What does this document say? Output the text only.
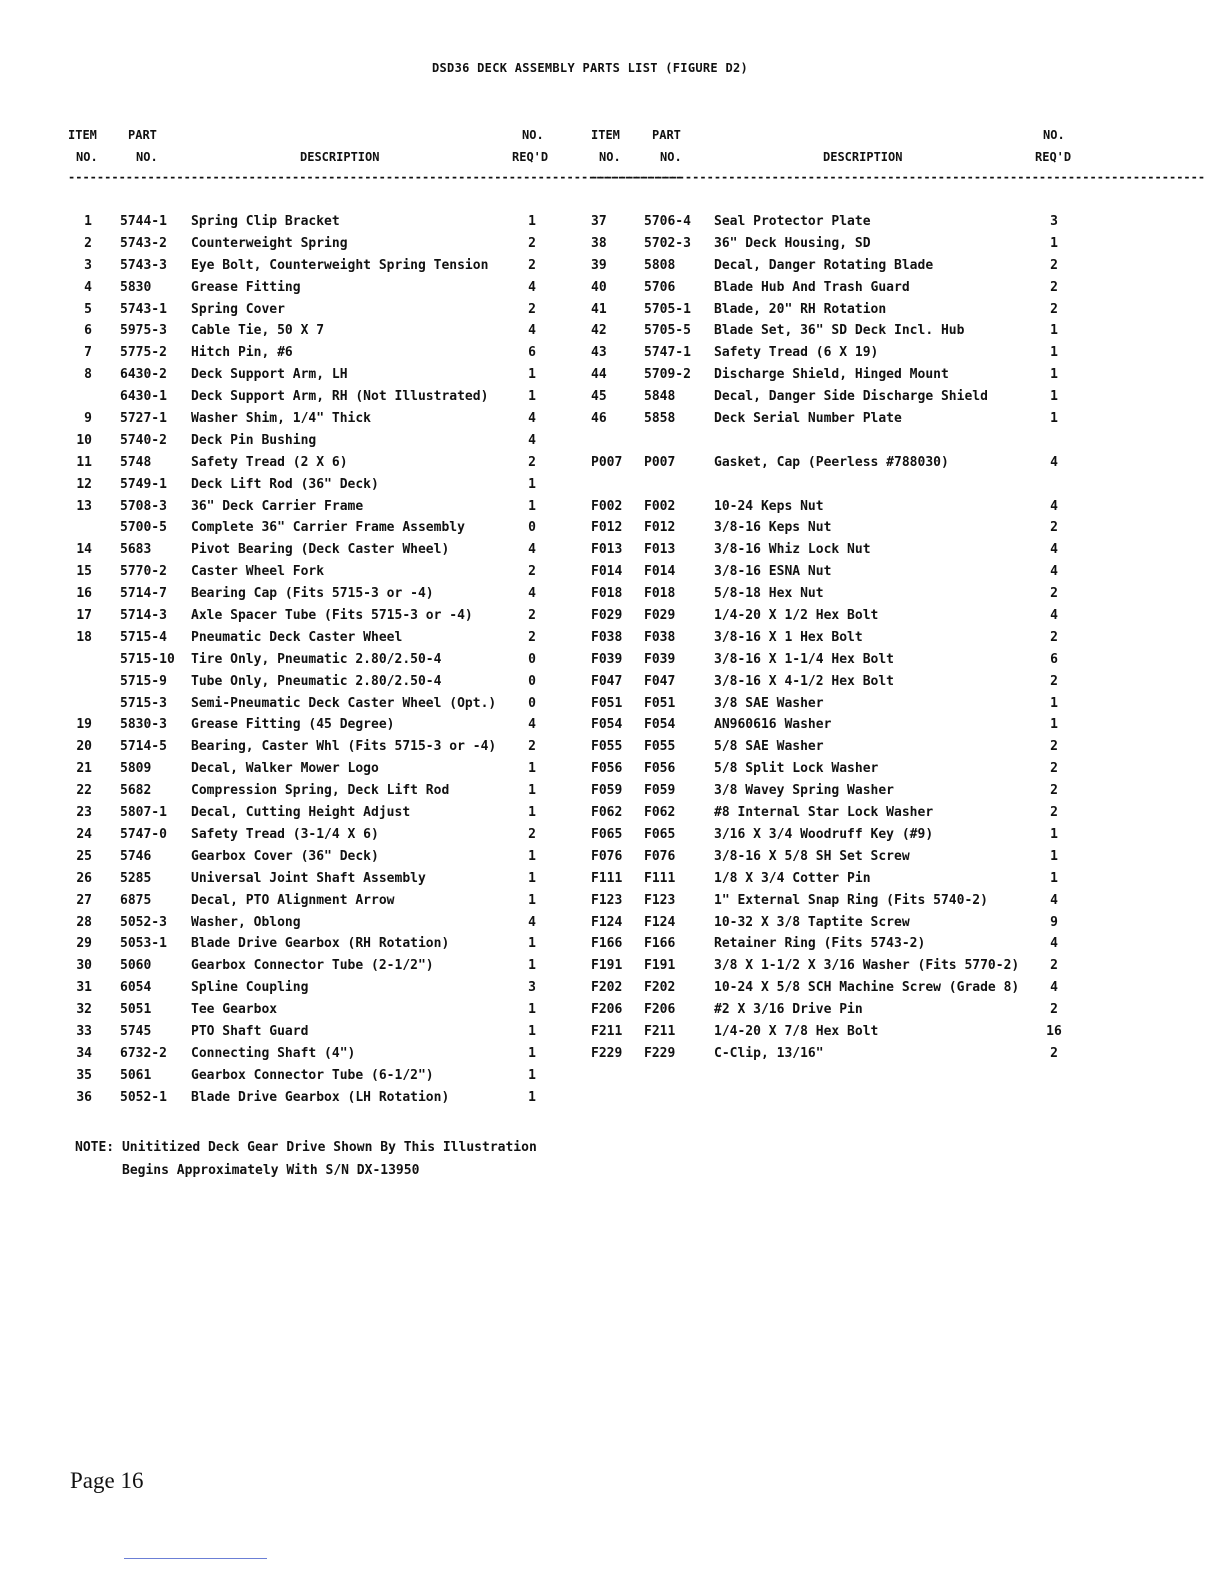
DSD36 DECK ASSEMBLY PARTS LIST (FIGURE D2)
ITEM
NO.
PART
NO.	DESCRIPTION
NO.
REQ'D
-------------------------------------------------------------------------------------
ITEM
NO.
PART
NO.	DESCRIPTION
NO.
REQ'D
-------------------------------------------------------------------------------------
1 5744-1 Spring Clip Bracket	1
2 5743-2 Counterweight Spring	2
3 5743-3 Eye Bolt, Counterweight Spring Tension	2
4 5830	Grease Fitting	4
5 5743-1 Spring Cover	2
6 5975-3 Cable Tie, 50 X 7	4
7 5775-2 Hitch Pin, #6	6
8 6430-2 Deck Support Arm, LH	1
6430-1 Deck Support Arm, RH (Not Illustrated)	1
9 5727-1 Washer Shim, 1/4" Thick	4
10 5740-2 Deck Pin Bushing	4
11 5748	Safety Tread (2 X 6)	2
12 5749-1 Deck Lift Rod (36" Deck)	1
13 5708-3 36" Deck Carrier Frame	1
5700-5 Complete 36" Carrier Frame Assembly	0
14 5683	Pivot Bearing (Deck Caster Wheel)	4
15 5770-2 Caster Wheel Fork	2
16 5714-7 Bearing Cap (Fits 5715-3 or -4)	4
17 5714-3 Axle Spacer Tube (Fits 5715-3 or -4)	2
18 5715-4 Pneumatic Deck Caster Wheel	2
5715-10 Tire Only, Pneumatic 2.80/2.50-4	0
5715-9 Tube Only, Pneumatic 2.80/2.50-4	0
5715-3 Semi-Pneumatic Deck Caster Wheel (Opt.)	0
19 5830-3 Grease Fitting (45 Degree)	4
20 5714-5 Bearing, Caster Whl (Fits 5715-3 or -4)	2
21 5809	Decal, Walker Mower Logo	1
22 5682	Compression Spring, Deck Lift Rod	1
23 5807-1 Decal, Cutting Height Adjust	1
24 5747-0 Safety Tread (3-1/4 X 6)	2
25 5746	Gearbox Cover (36" Deck)	1
26 5285	Universal Joint Shaft Assembly	1
27 6875	Decal, PTO Alignment Arrow	1
28 5052-3 Washer, Oblong	4
29 5053-1 Blade Drive Gearbox (RH Rotation)	1
30 5060	Gearbox Connector Tube (2-1/2")	1
31 6054	Spline Coupling	3
32 5051	Tee Gearbox	1
33 5745	PTO Shaft Guard	1
34 6732-2 Connecting Shaft (4")	1
35 5061	Gearbox Connector Tube (6-1/2")	1
36 5052-1 Blade Drive Gearbox (LH Rotation)	1
37	5706-4 Seal Protector Plate	3
38	5702-3 36" Deck Housing, SD	1
39	5808	Decal, Danger Rotating Blade	2
40	5706	Blade Hub And Trash Guard	2
41	5705-1 Blade, 20" RH Rotation	2
42	5705-5 Blade Set, 36" SD Deck Incl. Hub	1
43	5747-1 Safety Tread (6 X 19)	1
44	5709-2 Discharge Shield, Hinged Mount	1
45	5848	Decal, Danger Side Discharge Shield	1
46	5858	Deck Serial Number Plate	1
P007 P007	Gasket, Cap (Peerless #788030)	4
F002 F002	10-24 Keps Nut	4
F012 F012	3/8-16 Keps Nut	2
F013 F013	3/8-16 Whiz Lock Nut	4
F014 F014	3/8-16 ESNA Nut	4
F018 F018	5/8-18 Hex Nut	2
F029 F029	1/4-20 X 1/2 Hex Bolt	4
F038 F038	3/8-16 X 1 Hex Bolt	2
F039 F039	3/8-16 X 1-1/4 Hex Bolt	6
F047 F047	3/8-16 X 4-1/2 Hex Bolt	2
F051 F051	3/8 SAE Washer	1
F054 F054	AN960616 Washer	1
F055 F055	5/8 SAE Washer	2
F056 F056	5/8 Split Lock Washer	2
F059 F059	3/8 Wavey Spring Washer	2
F062 F062	#8 Internal Star Lock Washer	2
F065 F065	3/16 X 3/4 Woodruff Key (#9)	1
F076 F076	3/8-16 X 5/8 SH Set Screw	1
F111 F111	1/8 X 3/4 Cotter Pin	1
F123 F123	1" External Snap Ring (Fits 5740-2)	4
F124 F124	10-32 X 3/8 Taptite Screw	9
F166 F166	Retainer Ring (Fits 5743-2)	4
F191 F191	3/8 X 1-1/2 X 3/16 Washer (Fits 5770-2)	2
F202 F202	10-24 X 5/8 SCH Machine Screw (Grade 8)	4
F206 F206	#2 X 3/16 Drive Pin	2
F211 F211	1/4-20 X 7/8 Hex Bolt	16
F229 F229	C-Clip, 13/16"	2
NOTE: Unititized Deck Gear Drive Shown By This Illustration
Begins Approximately With S/N DX-13950
Page 16
